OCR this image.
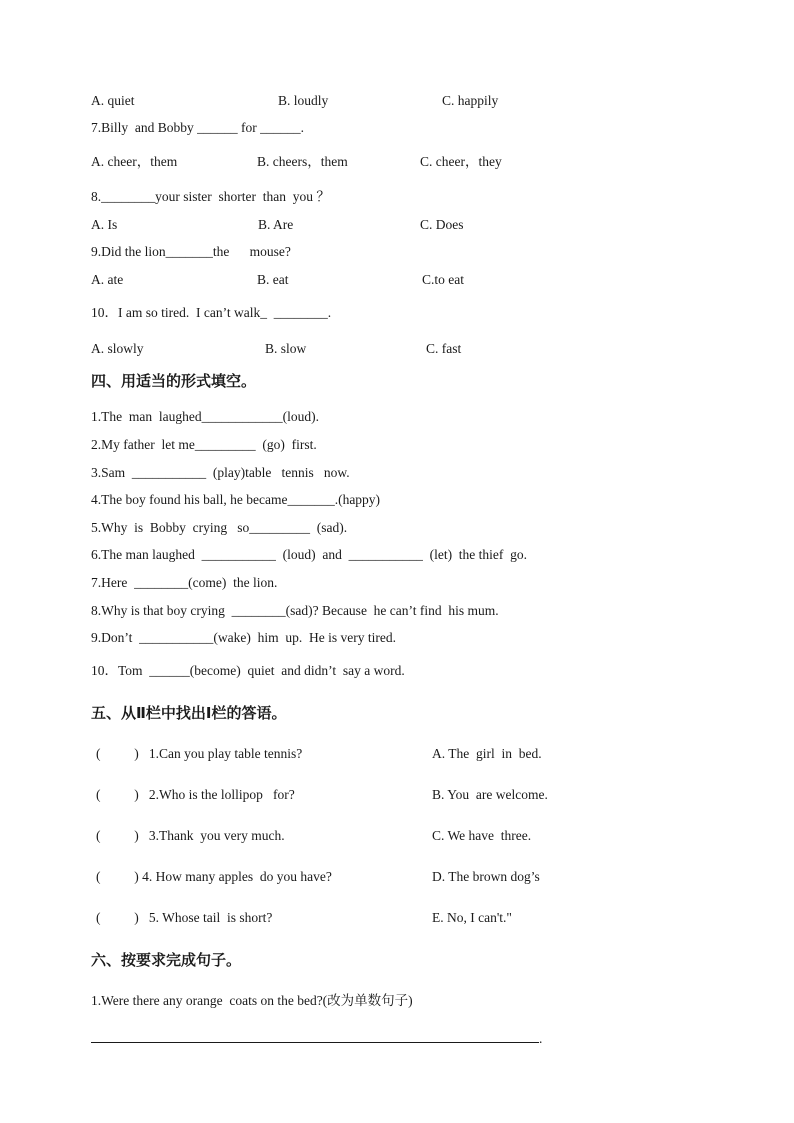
A. quiet	B. loudly	C. happily
7.Billy  and Bobby ______ for ______.
A. cheer，them	B. cheers，them	C. cheer，they
8.________your sister  shorter  than  you ？
A. Is	B. Are	C. Does
9.Did the lion_______the      mouse?
A. ate	B. eat	C.to eat
10．I am so tired.  I can’t walk_  ________.
A. slowly	B. slow	C. fast
四、用适当的形式填空。
1.The  man  laughed____________(loud).
2.My father  let me_________  (go)  first.
3.Sam  ___________  (play)table   tennis   now.
4.The boy found his ball, he became_______.(happy)
5.Why  is  Bobby  crying   so_________  (sad).
6.The man laughed  ___________  (loud)  and  ___________  (let)  the thief  go.
7.Here  ________(come)  the lion.
8.Why is that boy crying  ________(sad)? Because  he can’t find  his mum.
9.Don’t  ___________(wake)  him  up.  He is very tired.
10．Tom  ______(become)  quiet  and didn’t  say a word.
五、从Ⅱ栏中找出Ⅰ栏的答语。
(          )   1.Can you play table tennis?	A. The  girl  in  bed.
(          )   2.Who is the lollipop   for?	B. You  are welcome.
(          )   3.Thank  you very much.	C. We have  three.
(          ) 4. How many apples  do you have?	D. The brown dog’s
(          )   5. Whose tail  is short?	E. No, I can't."
六、按要求完成句子。
1.Were there any orange  coats on the bed?(改为单数句子)
.
